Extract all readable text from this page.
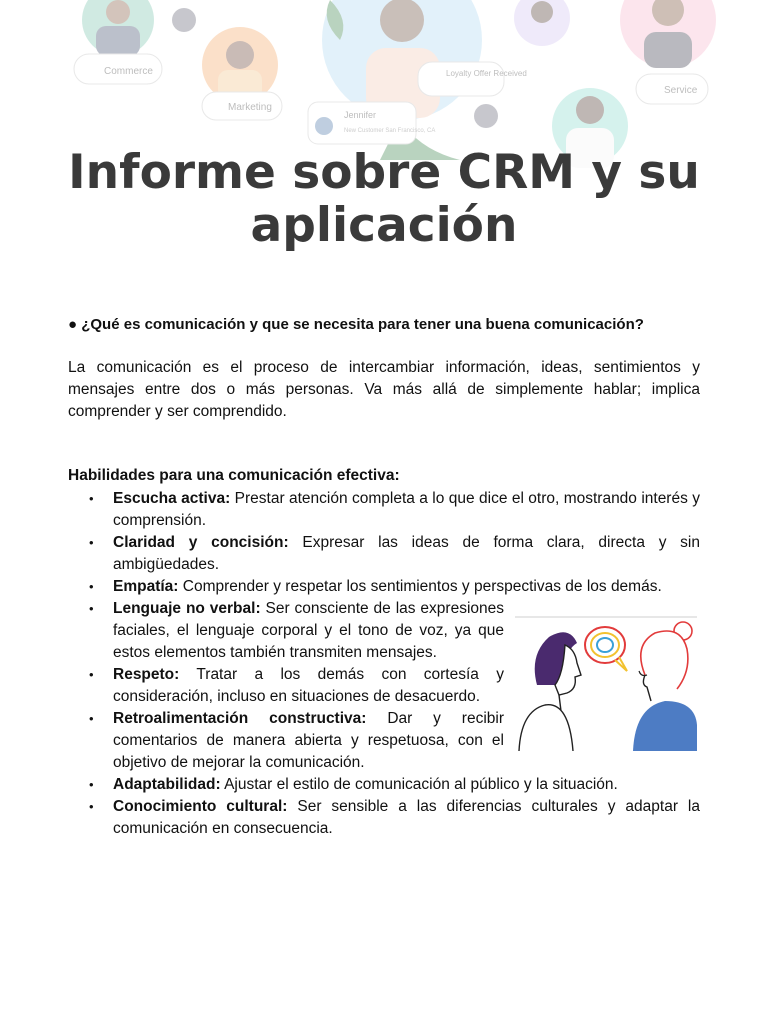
Commerce
Marketing
Loyalty Offer Received
Jennifer
New Customer San Francisco, CA
Service
Informe sobre CRM y su aplicación

● ¿Qué es comunicación y que se necesita para tener una buena comunicación?

La comunicación es el proceso de intercambiar información, ideas, sentimientos y mensajes entre dos o más personas. Va más allá de simplemente hablar; implica comprender y ser comprendido.

Habilidades para una comunicación efectiva:

• Escucha activa: Prestar atención completa a lo que dice el otro, mostrando interés y comprensión.
• Claridad y concisión: Expresar las ideas de forma clara, directa y sin ambigüedades.
• Empatía: Comprender y respetar los sentimientos y perspectivas de los demás.
• Lenguaje no verbal: Ser consciente de las expresiones faciales, el lenguaje corporal y el tono de voz, ya que estos elementos también transmiten mensajes.
• Respeto: Tratar a los demás con cortesía y consideración, incluso en situaciones de desacuerdo.
• Retroalimentación constructiva: Dar y recibir comentarios de manera abierta y respetuosa, con el objetivo de mejorar la comunicación.
• Adaptabilidad: Ajustar el estilo de comunicación al público y la situación.
• Conocimiento cultural: Ser sensible a las diferencias culturales y adaptar la comunicación en consecuencia.
